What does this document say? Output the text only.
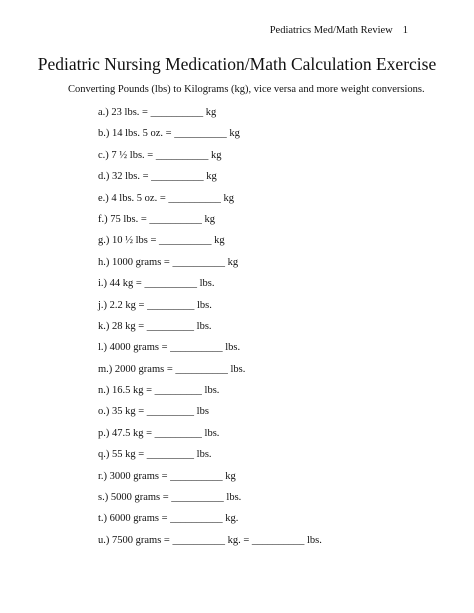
Pediatrics Med/Math Review 1
Pediatric Nursing Medication/Math Calculation Exercise
Converting Pounds (lbs) to Kilograms (kg), vice versa and more weight conversions.
a.) 23 lbs. = __________ kg
b.) 14 lbs. 5 oz. = __________ kg
c.) 7 ½ lbs. = __________ kg
d.) 32 lbs. = __________ kg
e.) 4 lbs. 5 oz. = __________ kg
f.) 75 lbs. = __________ kg
g.) 10 ½ lbs = __________ kg
h.) 1000 grams = __________ kg
i.) 44 kg = __________ lbs.
j.) 2.2 kg = _________ lbs.
k.) 28 kg = _________ lbs.
l.) 4000 grams = __________ lbs.
m.) 2000 grams = __________ lbs.
n.) 16.5 kg = _________ lbs.
o.) 35 kg = _________ lbs
p.) 47.5 kg = _________ lbs.
q.) 55 kg = _________ lbs.
r.) 3000 grams = __________ kg
s.) 5000 grams = __________ lbs.
t.) 6000 grams = __________ kg.
u.) 7500 grams = __________ kg. = __________ lbs.
